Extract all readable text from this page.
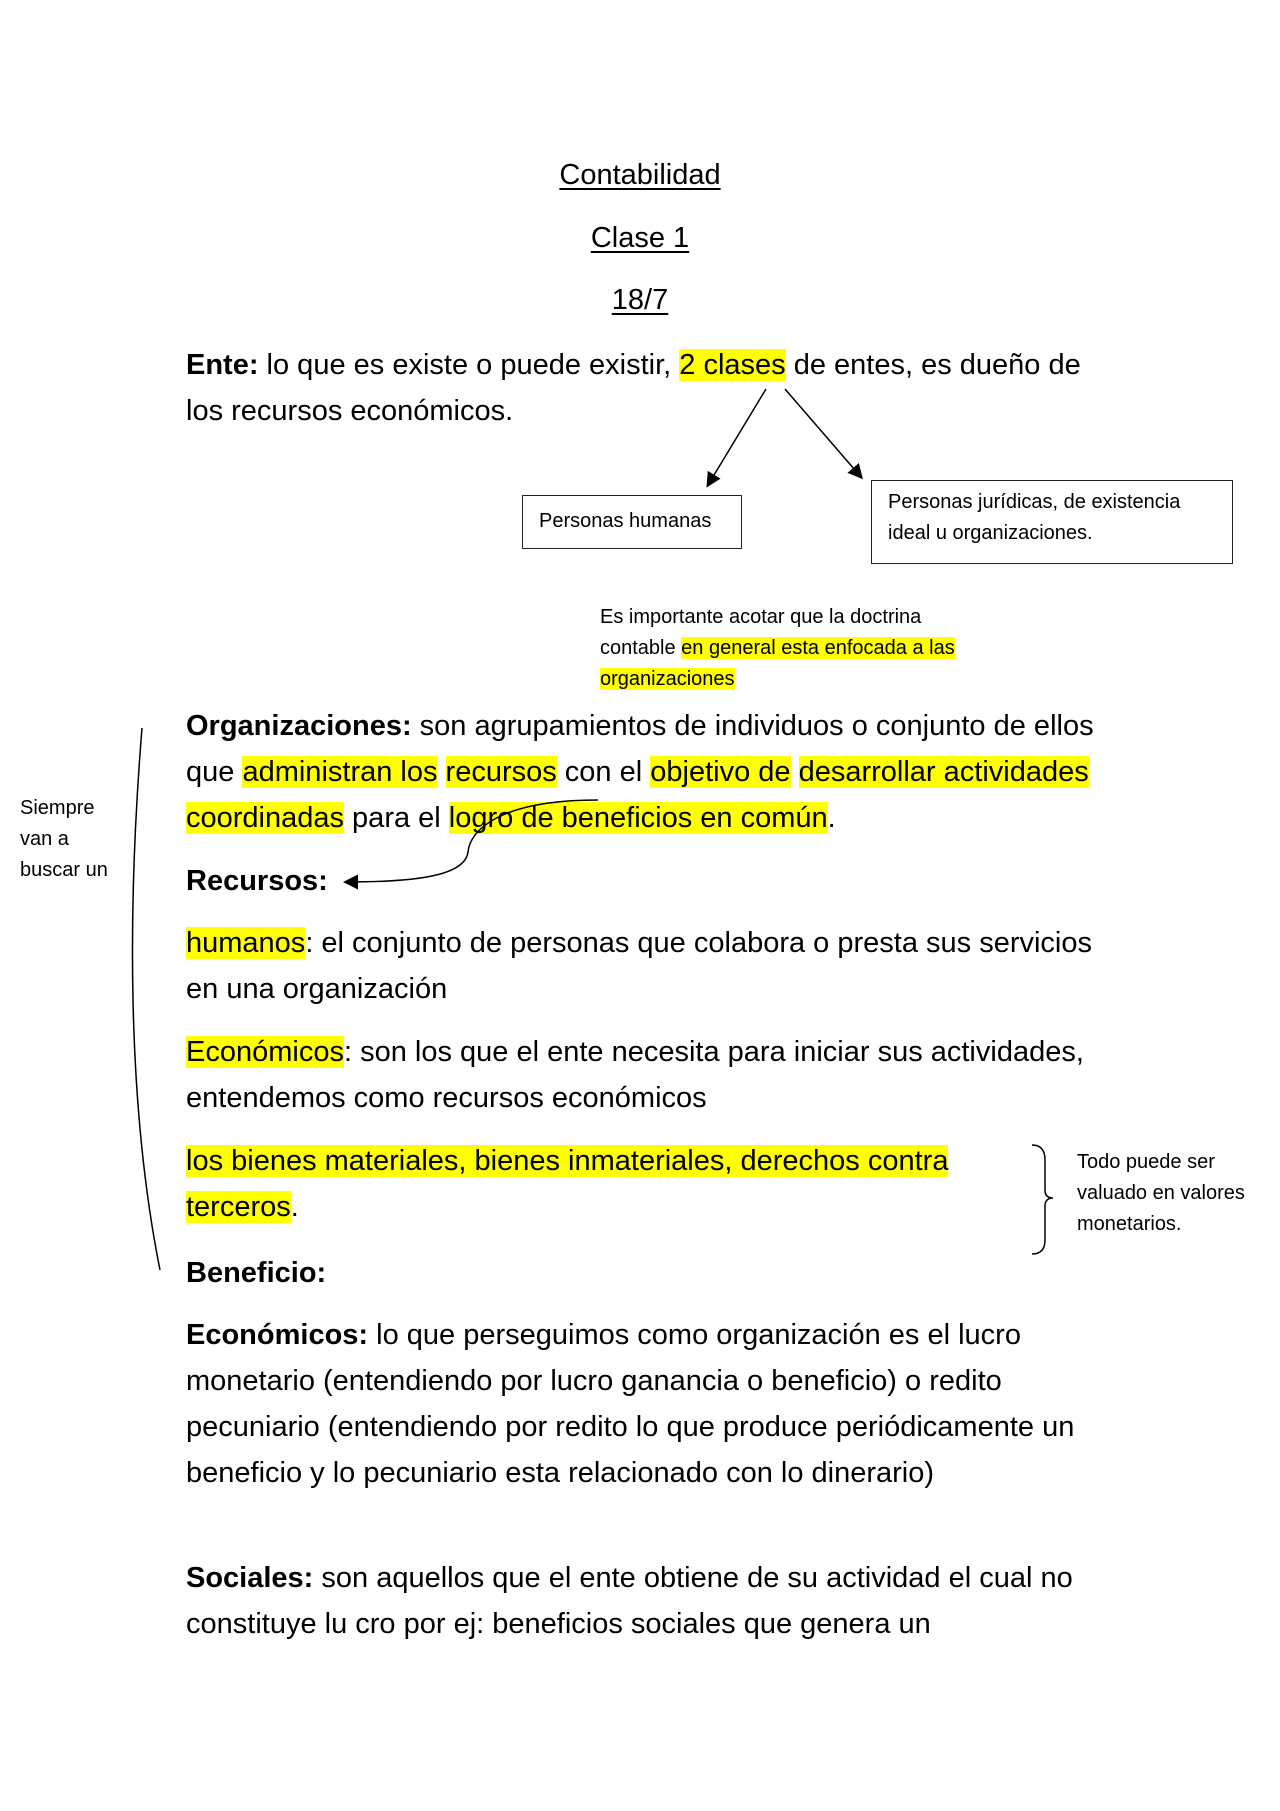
Contabilidad
Clase 1
18/7
Ente: lo que es existe o puede existir, 2 clases de entes, es dueño de los recursos económicos.
Personas humanas
Personas jurídicas, de existencia ideal u organizaciones.
Es importante acotar que la doctrina contable en general esta enfocada a las organizaciones
Organizaciones: son agrupamientos de individuos o conjunto de ellos que administran los recursos con el objetivo de desarrollar actividades coordinadas para el logro de beneficios en común.
Siempre van a buscar un	Recursos:
humanos: el conjunto de personas que colabora o presta sus servicios en una organización
Económicos: son los que el ente necesita para iniciar sus actividades, entendemos como recursos económicos
los bienes materiales, bienes inmateriales, derechos contra terceros.
Todo puede ser valuado en valores monetarios.
Beneficio:
Económicos: lo que perseguimos como organización es el lucro monetario (entendiendo por lucro ganancia o beneficio) o redito pecuniario (entendiendo por redito lo que produce periódicamente un beneficio y lo pecuniario esta relacionado con lo dinerario)
Sociales: son aquellos que el ente obtiene de su actividad el cual no constituye lu cro por ej: beneficios sociales que genera un
